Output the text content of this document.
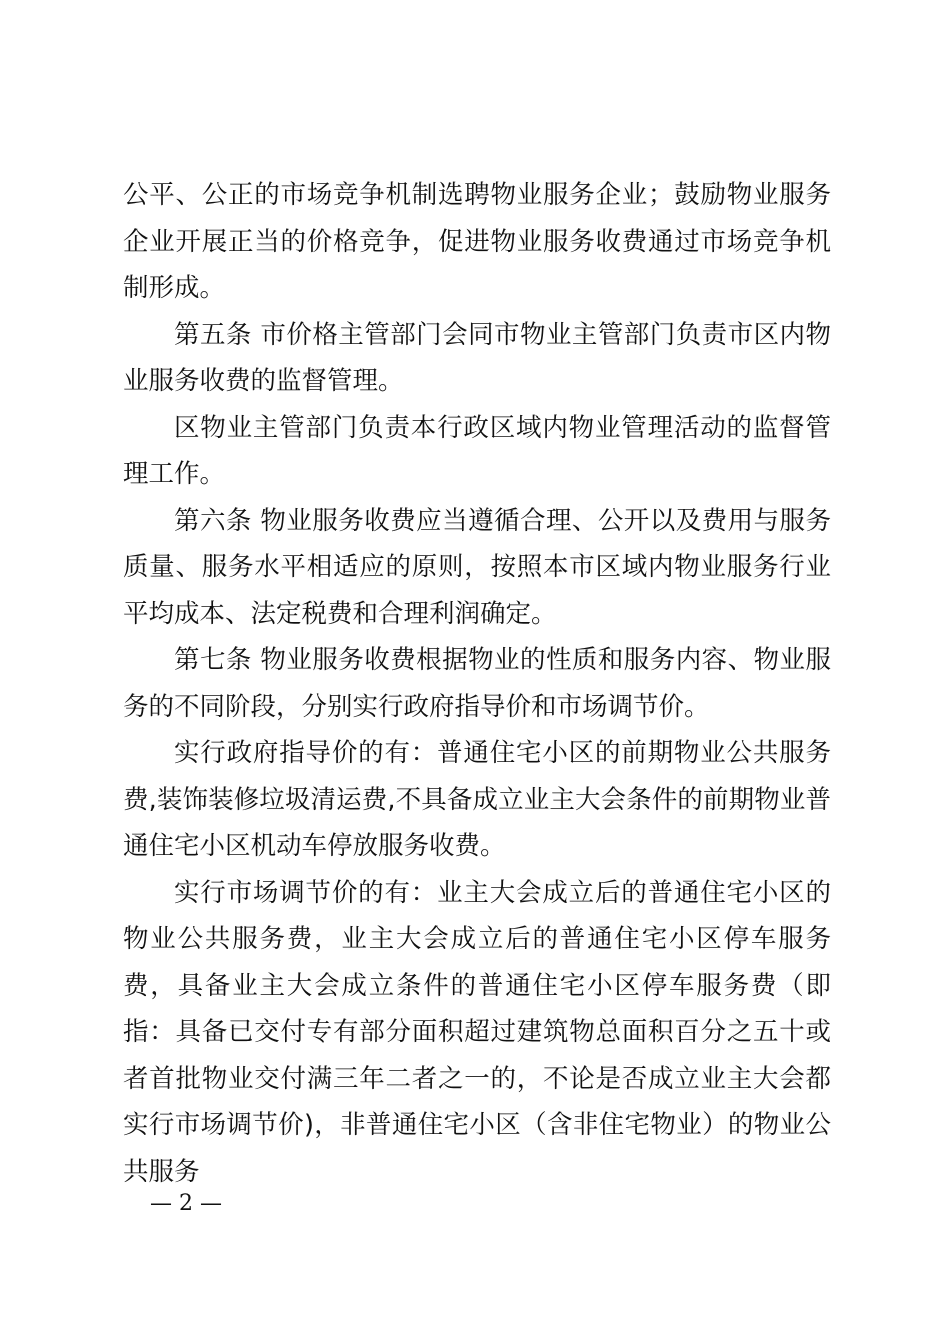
公平、公正的市场竞争机制选聘物业服务企业；鼓励物业服务企业开展正当的价格竞争，促进物业服务收费通过市场竞争机制形成。

第五条 市价格主管部门会同市物业主管部门负责市区内物业服务收费的监督管理。

区物业主管部门负责本行政区域内物业管理活动的监督管理工作。

第六条 物业服务收费应当遵循合理、公开以及费用与服务质量、服务水平相适应的原则，按照本市区域内物业服务行业平均成本、法定税费和合理利润确定。

第七条 物业服务收费根据物业的性质和服务内容、物业服务的不同阶段，分别实行政府指导价和市场调节价。

实行政府指导价的有：普通住宅小区的前期物业公共服务费,装饰装修垃圾清运费,不具备成立业主大会条件的前期物业普通住宅小区机动车停放服务收费。

实行市场调节价的有：业主大会成立后的普通住宅小区的物业公共服务费，业主大会成立后的普通住宅小区停车服务费，具备业主大会成立条件的普通住宅小区停车服务费（即指：具备已交付专有部分面积超过建筑物总面积百分之五十或者首批物业交付满三年二者之一的，不论是否成立业主大会都实行市场调节价)，非普通住宅小区（含非住宅物业）的物业公共服务

— 2 —
